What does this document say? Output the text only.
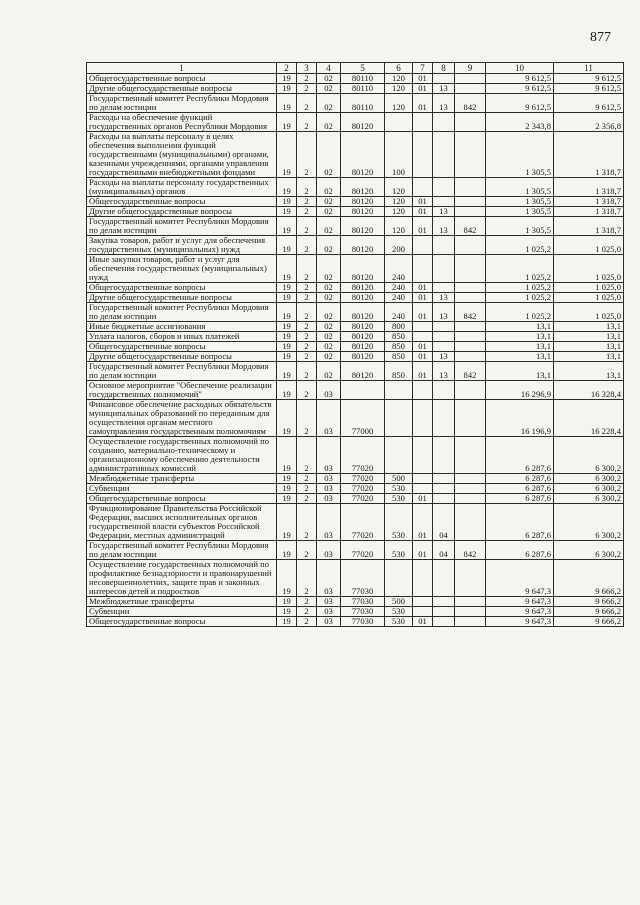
877
1	2	3	4	5	6	7	8	9	10	11
Общегосударственные вопросы	19	2	02	80110	120	01			9 612,5	9 612,5
Другие общегосударственные вопросы	19	2	02	80110	120	01	13		9 612,5	9 612,5
Государственный комитет Республики Мордовия по делам юстиции	19	2	02	80110	120	01	13	842	9 612,5	9 612,5
Расходы на обеспечение функций государственных органов Республики Мордовия	19	2	02	80120					2 343,8	2 356,8
Расходы на выплаты персоналу в целях обеспечения выполнения функций государственными (муниципальными) органами, казенными учреждениями, органами управления государственными внебюджетными фондами	19	2	02	80120	100				1 305,5	1 318,7
Расходы на выплаты персоналу государственных (муниципальных) органов	19	2	02	80120	120				1 305,5	1 318,7
Общегосударственные вопросы	19	2	02	80120	120	01			1 305,5	1 318,7
Другие общегосударственные вопросы	19	2	02	80120	120	01	13		1 305,5	1 318,7
Государственный комитет Республики Мордовия по делам юстиции	19	2	02	80120	120	01	13	842	1 305,5	1 318,7
Закупка товаров, работ и услуг для обеспечения государственных (муниципальных) нужд	19	2	02	80120	200				1 025,2	1 025,0
Иные закупки товаров, работ и услуг для обеспечения государственных (муниципальных) нужд	19	2	02	80120	240				1 025,2	1 025,0
Общегосударственные вопросы	19	2	02	80120	240	01			1 025,2	1 025,0
Другие общегосударственные вопросы	19	2	02	80120	240	01	13		1 025,2	1 025,0
Государственный комитет Республики Мордовия по делам юстиции	19	2	02	80120	240	01	13	842	1 025,2	1 025,0
Иные бюджетные ассигнования	19	2	02	80120	800				13,1	13,1
Уплата налогов, сборов и иных платежей	19	2	02	80120	850				13,1	13,1
Общегосударственные вопросы	19	2	02	80120	850	01			13,1	13,1
Другие общегосударственные вопросы	19	2	02	80120	850	01	13		13,1	13,1
Государственный комитет Республики Мордовия по делам юстиции	19	2	02	80120	850	01	13	842	13,1	13,1
Основное мероприятие "Обеспечение реализации государственных полномочий"	19	2	03						16 296,9	16 328,4
Финансовое обеспечение расходных обязательств муниципальных образований по переданным для осуществления органам местного самоуправления государственным полномочиям	19	2	03	77000					16 196,9	16 228,4
Осуществление государственных полномочий по созданию, материально-техническому и организационному обеспечению деятельности административных комиссий	19	2	03	77020					6 287,6	6 300,2
Межбюджетные трансферты	19	2	03	77020	500				6 287,6	6 300,2
Субвенции	19	2	03	77020	530				6 287,6	6 300,2
Общегосударственные вопросы	19	2	03	77020	530	01			6 287,6	6 300,2
Функционирование Правительства Российской Федерации, высших исполнительных органов государственной власти субъектов Российской Федерации, местных администраций	19	2	03	77020	530	01	04		6 287,6	6 300,2
Государственный комитет Республики Мордовия по делам юстиции	19	2	03	77020	530	01	04	842	6 287,6	6 300,2
Осуществление государственных полномочий по профилактике безнадзорности и правонарушений несовершеннолетних, защите прав и законных интересов детей и подростков	19	2	03	77030					9 647,3	9 666,2
Межбюджетные трансферты	19	2	03	77030	500				9 647,3	9 666,2
Субвенции	19	2	03	77030	530				9 647,3	9 666,2
Общегосударственные вопросы	19	2	03	77030	530	01			9 647,3	9 666,2
